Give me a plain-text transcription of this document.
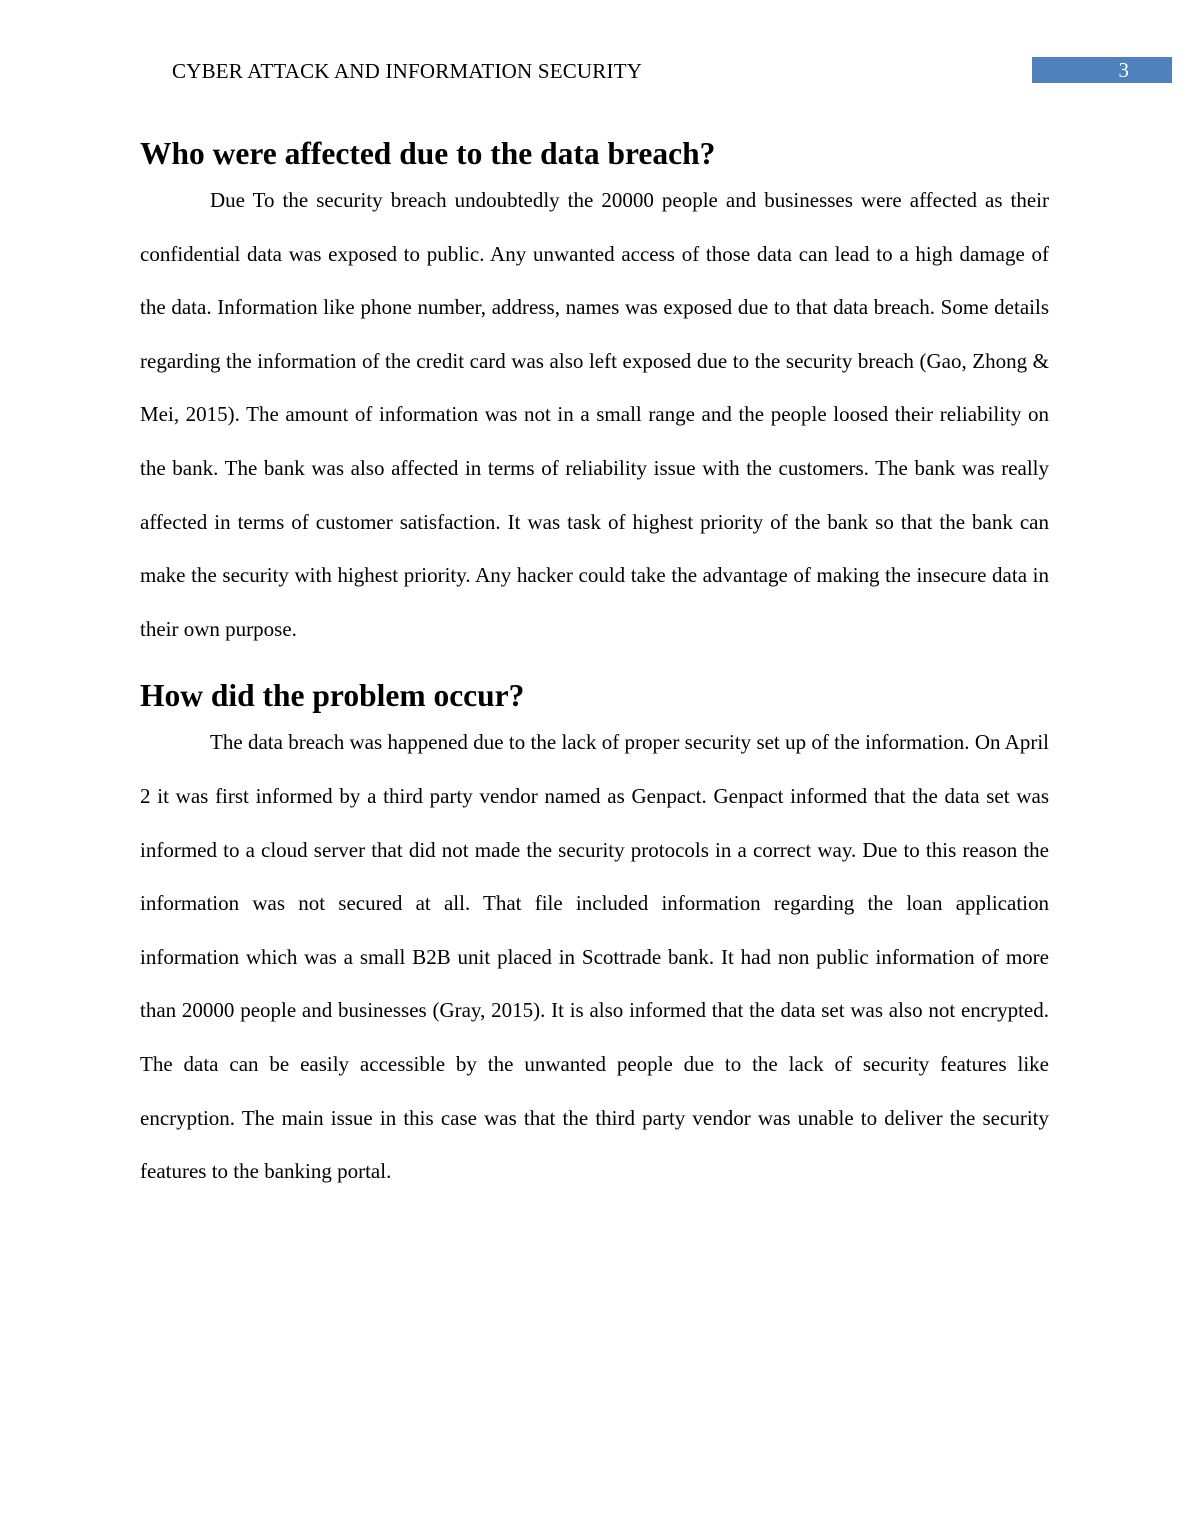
CYBER ATTACK AND INFORMATION SECURITY	3
Who were affected due to the data breach?

Due To the security breach undoubtedly the 20000 people and businesses were affected as their confidential data was exposed to public. Any unwanted access of those data can lead to a high damage of the data. Information like phone number, address, names was exposed due to that data breach. Some details regarding the information of the credit card was also left exposed due to the security breach (Gao, Zhong & Mei, 2015). The amount of information was not in a small range and the people loosed their reliability on the bank. The bank was also affected in terms of reliability issue with the customers. The bank was really affected in terms of customer satisfaction. It was task of highest priority of the bank so that the bank can make the security with highest priority. Any hacker could take the advantage of making the insecure data in their own purpose.

How did the problem occur?

The data breach was happened due to the lack of proper security set up of the information. On April 2 it was first informed by a third party vendor named as Genpact. Genpact informed that the data set was informed to a cloud server that did not made the security protocols in a correct way. Due to this reason the information was not secured at all. That file included information regarding the loan application information which was a small B2B unit placed in Scottrade bank. It had non public information of more than 20000 people and businesses (Gray, 2015). It is also informed that the data set was also not encrypted. The data can be easily accessible by the unwanted people due to the lack of security features like encryption. The main issue in this case was that the third party vendor was unable to deliver the security features to the banking portal.
